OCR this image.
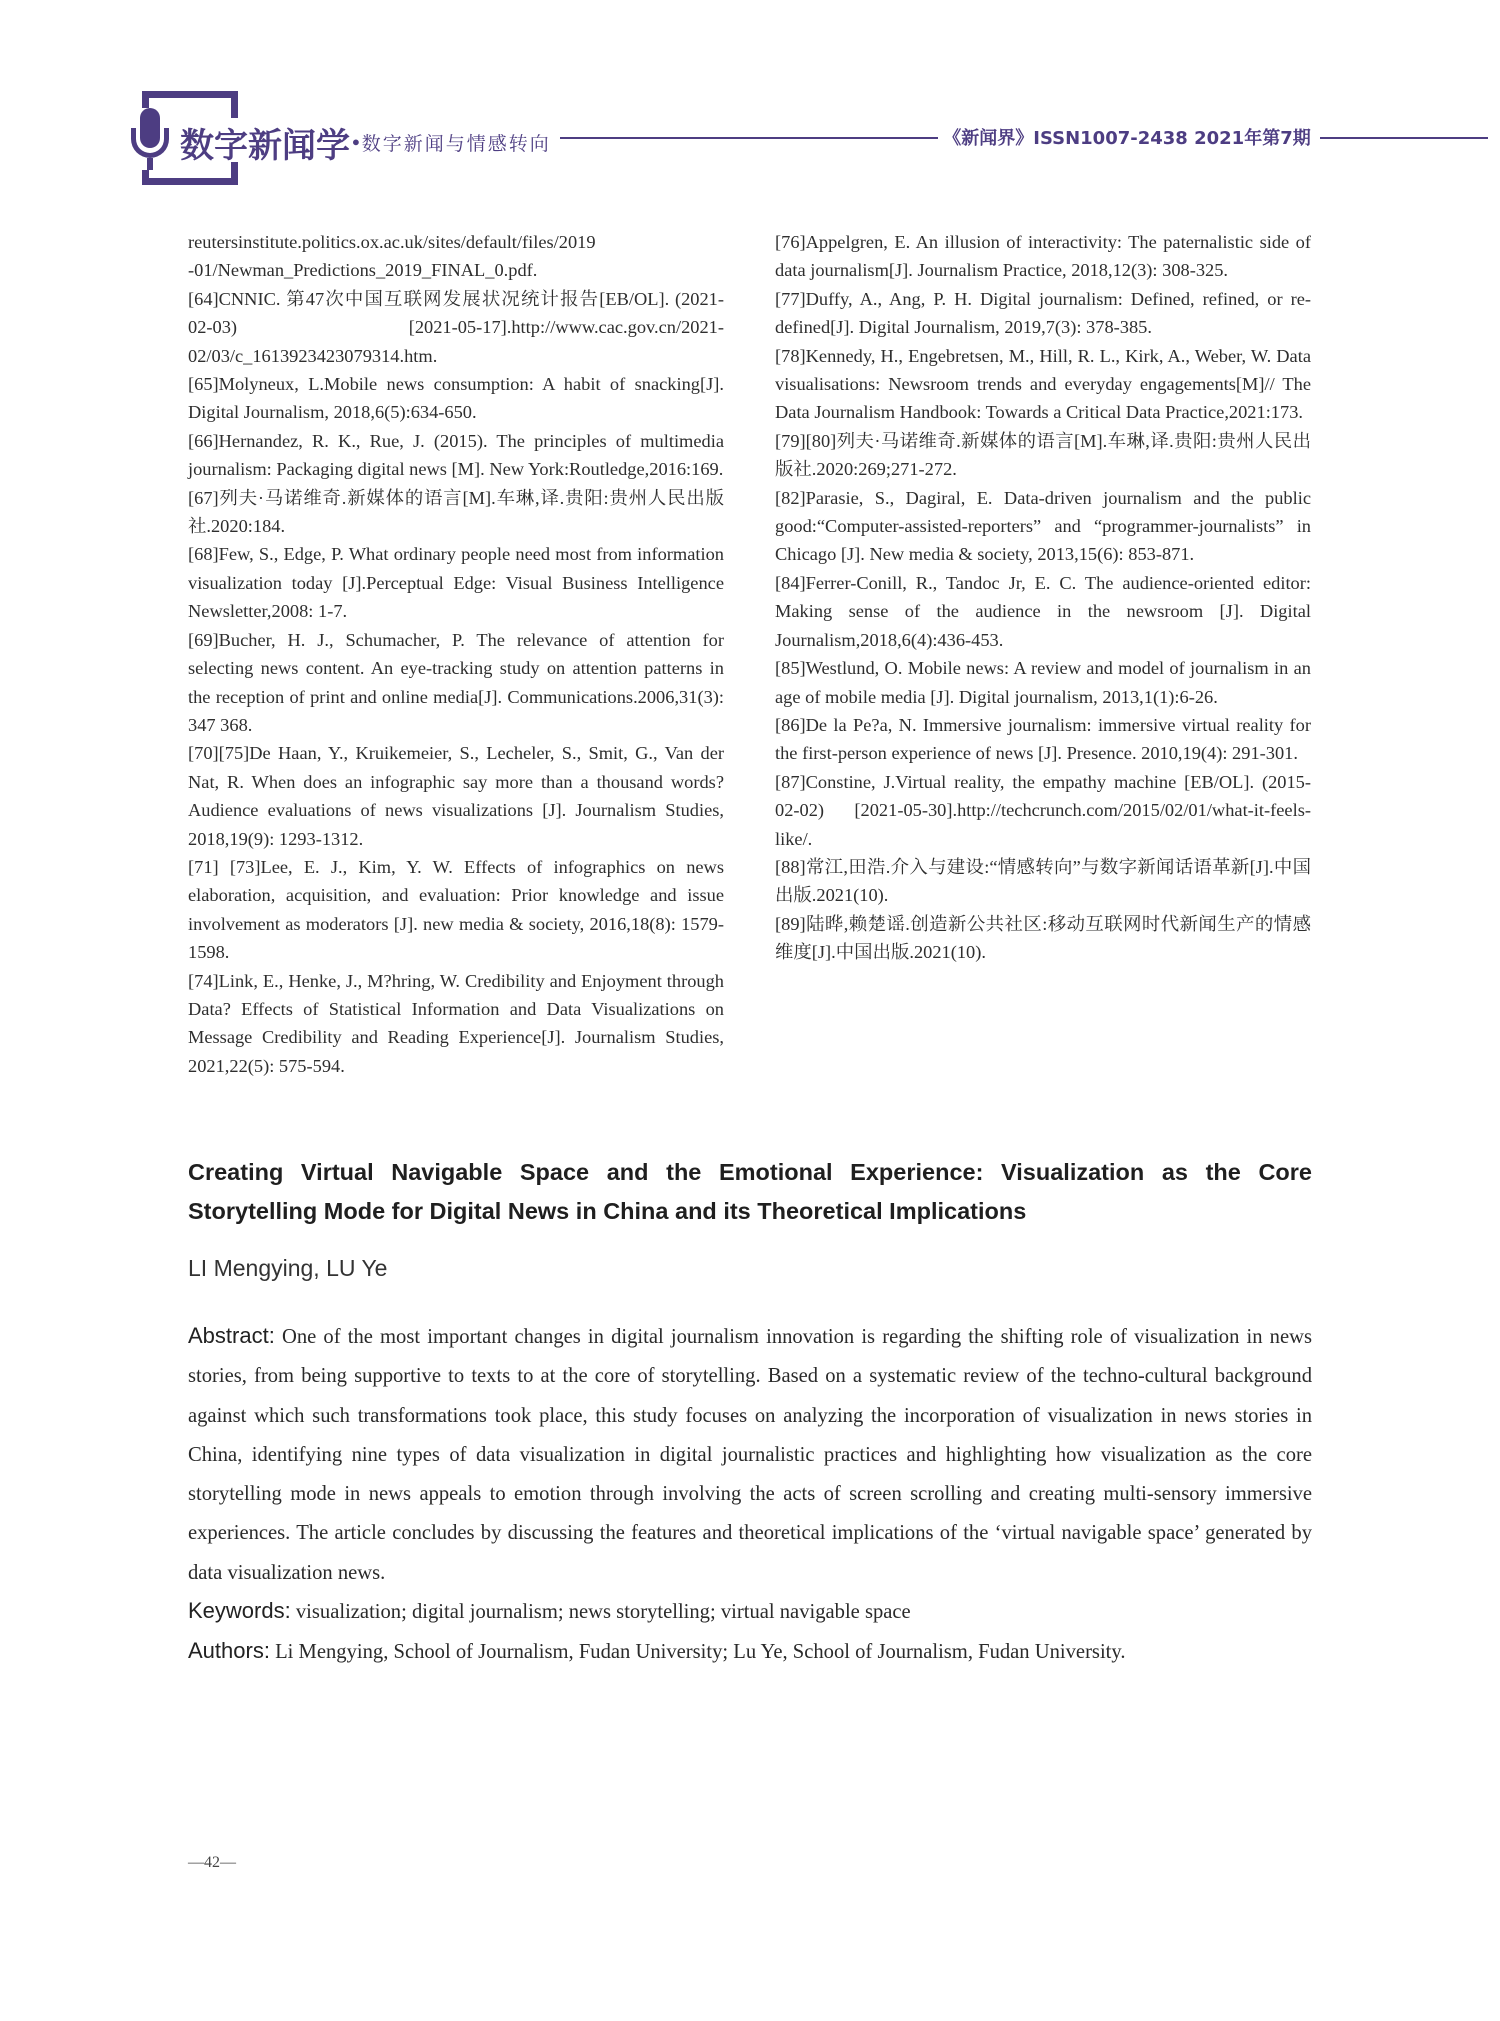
数字新闻学•数字新闻与情感转向	《新闻界》ISSN1007-2438 2021年第7期

reutersinstitute.politics.ox.ac.uk/sites/default/files/2019 -01/Newman_Predictions_2019_FINAL_0.pdf.

[64]CNNIC. 第47次中国互联网发展状况统计报告[EB/OL]. (2021-02-03) [2021-05-17].http://www.cac.gov.cn/2021-02/03/c_1613923423079314.htm.

[65]Molyneux, L.Mobile news consumption: A habit of snacking[J]. Digital Journalism, 2018,6(5):634-650.

[66]Hernandez, R. K., Rue, J. (2015). The principles of multimedia journalism: Packaging digital news [M]. New York:Routledge,2016:169.

[67]列夫·马诺维奇.新媒体的语言[M].车琳,译.贵阳:贵州人民出版社.2020:184.

[68]Few, S., Edge, P. What ordinary people need most from information visualization today [J].Perceptual Edge: Visual Business Intelligence Newsletter,2008: 1-7.

[69]Bucher, H. J., Schumacher, P. The relevance of attention for selecting news content. An eye-tracking study on attention patterns in the reception of print and online media[J]. Communications.2006,31(3): 347 368.

[70][75]De Haan, Y., Kruikemeier, S., Lecheler, S., Smit, G., Van der Nat, R. When does an infographic say more than a thousand words? Audience evaluations of news visualizations [J]. Journalism Studies, 2018,19(9): 1293-1312.

[71] [73]Lee, E. J., Kim, Y. W. Effects of infographics on news elaboration, acquisition, and evaluation: Prior knowledge and issue involvement as moderators [J]. new media & society, 2016,18(8): 1579-1598.

[74]Link, E., Henke, J., M?hring, W. Credibility and Enjoyment through Data? Effects of Statistical Information and Data Visualizations on Message Credibility and Reading Experience[J]. Journalism Studies, 2021,22(5): 575-594.

[76]Appelgren, E. An illusion of interactivity: The paternalistic side of data journalism[J]. Journalism Practice, 2018,12(3): 308-325.

[77]Duffy, A., Ang, P. H. Digital journalism: Defined, refined, or re-defined[J]. Digital Journalism, 2019,7(3): 378-385.

[78]Kennedy, H., Engebretsen, M., Hill, R. L., Kirk, A., Weber, W. Data visualisations: Newsroom trends and everyday engagements[M]// The Data Journalism Handbook: Towards a Critical Data Practice,2021:173.

[79][80]列夫·马诺维奇.新媒体的语言[M].车琳,译.贵阳:贵州人民出版社.2020:269;271-272.

[82]Parasie, S., Dagiral, E. Data-driven journalism and the public good:“Computer-assisted-reporters” and “programmer-journalists” in Chicago [J]. New media & society, 2013,15(6): 853-871.

[84]Ferrer-Conill, R., Tandoc Jr, E. C. The audience-oriented editor: Making sense of the audience in the newsroom [J]. Digital Journalism,2018,6(4):436-453.

[85]Westlund, O. Mobile news: A review and model of journalism in an age of mobile media [J]. Digital journalism, 2013,1(1):6-26.

[86]De la Pe?a, N. Immersive journalism: immersive virtual reality for the first-person experience of news [J]. Presence. 2010,19(4): 291-301.

[87]Constine, J.Virtual reality, the empathy machine [EB/OL]. (2015-02-02) [2021-05-30].http://techcrunch.com/2015/02/01/what-it-feels-like/.

[88]常江,田浩.介入与建设:“情感转向”与数字新闻话语革新[J].中国出版.2021(10).

[89]陆晔,赖楚谣.创造新公共社区:移动互联网时代新闻生产的情感维度[J].中国出版.2021(10).

Creating Virtual Navigable Space and the Emotional Experience: Visualization as the Core Storytelling Mode for Digital News in China and its Theoretical Implications
LI Mengying, LU Ye
Abstract: One of the most important changes in digital journalism innovation is regarding the shifting role of visualization in news stories, from being supportive to texts to at the core of storytelling. Based on a systematic review of the techno-cultural background against which such transformations took place, this study focuses on analyzing the incorporation of visualization in news stories in China, identifying nine types of data visualization in digital journalistic practices and highlighting how visualization as the core storytelling mode in news appeals to emotion through involving the acts of screen scrolling and creating multi-sensory immersive experiences. The article concludes by discussing the features and theoretical implications of the ‘virtual navigable space’ generated by data visualization news.
Keywords: visualization; digital journalism; news storytelling; virtual navigable space
Authors: Li Mengying, School of Journalism, Fudan University; Lu Ye, School of Journalism, Fudan University.
—42—
